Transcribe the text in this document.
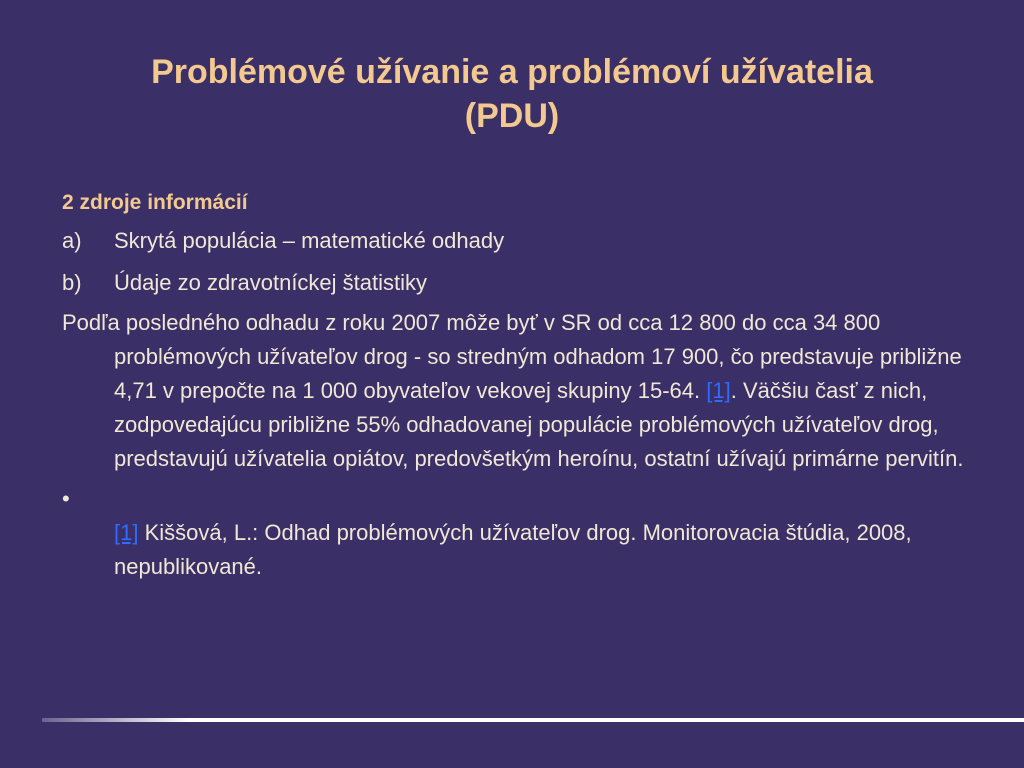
Problémové užívanie a problémoví užívatelia
(PDU)
2 zdroje informácií
a)	Skrytá populácia – matematické odhady
b)	Údaje zo zdravotníckej štatistiky
Podľa posledného odhadu z roku 2007 môže byť v SR od cca 12 800 do cca 34 800 problémových užívateľov drog - so stredným odhadom 17 900, čo predstavuje približne 4,71 v prepočte na 1 000 obyvateľov vekovej skupiny 15-64. [1]. Väčšiu časť z nich, zodpovedajúcu približne 55% odhadovanej populácie problémových užívateľov drog, predstavujú užívatelia opiátov, predovšetkým heroínu, ostatní užívajú primárne pervitín.
•
[1] Kiššová, L.: Odhad problémových užívateľov drog. Monitorovacia štúdia, 2008, nepublikované.
